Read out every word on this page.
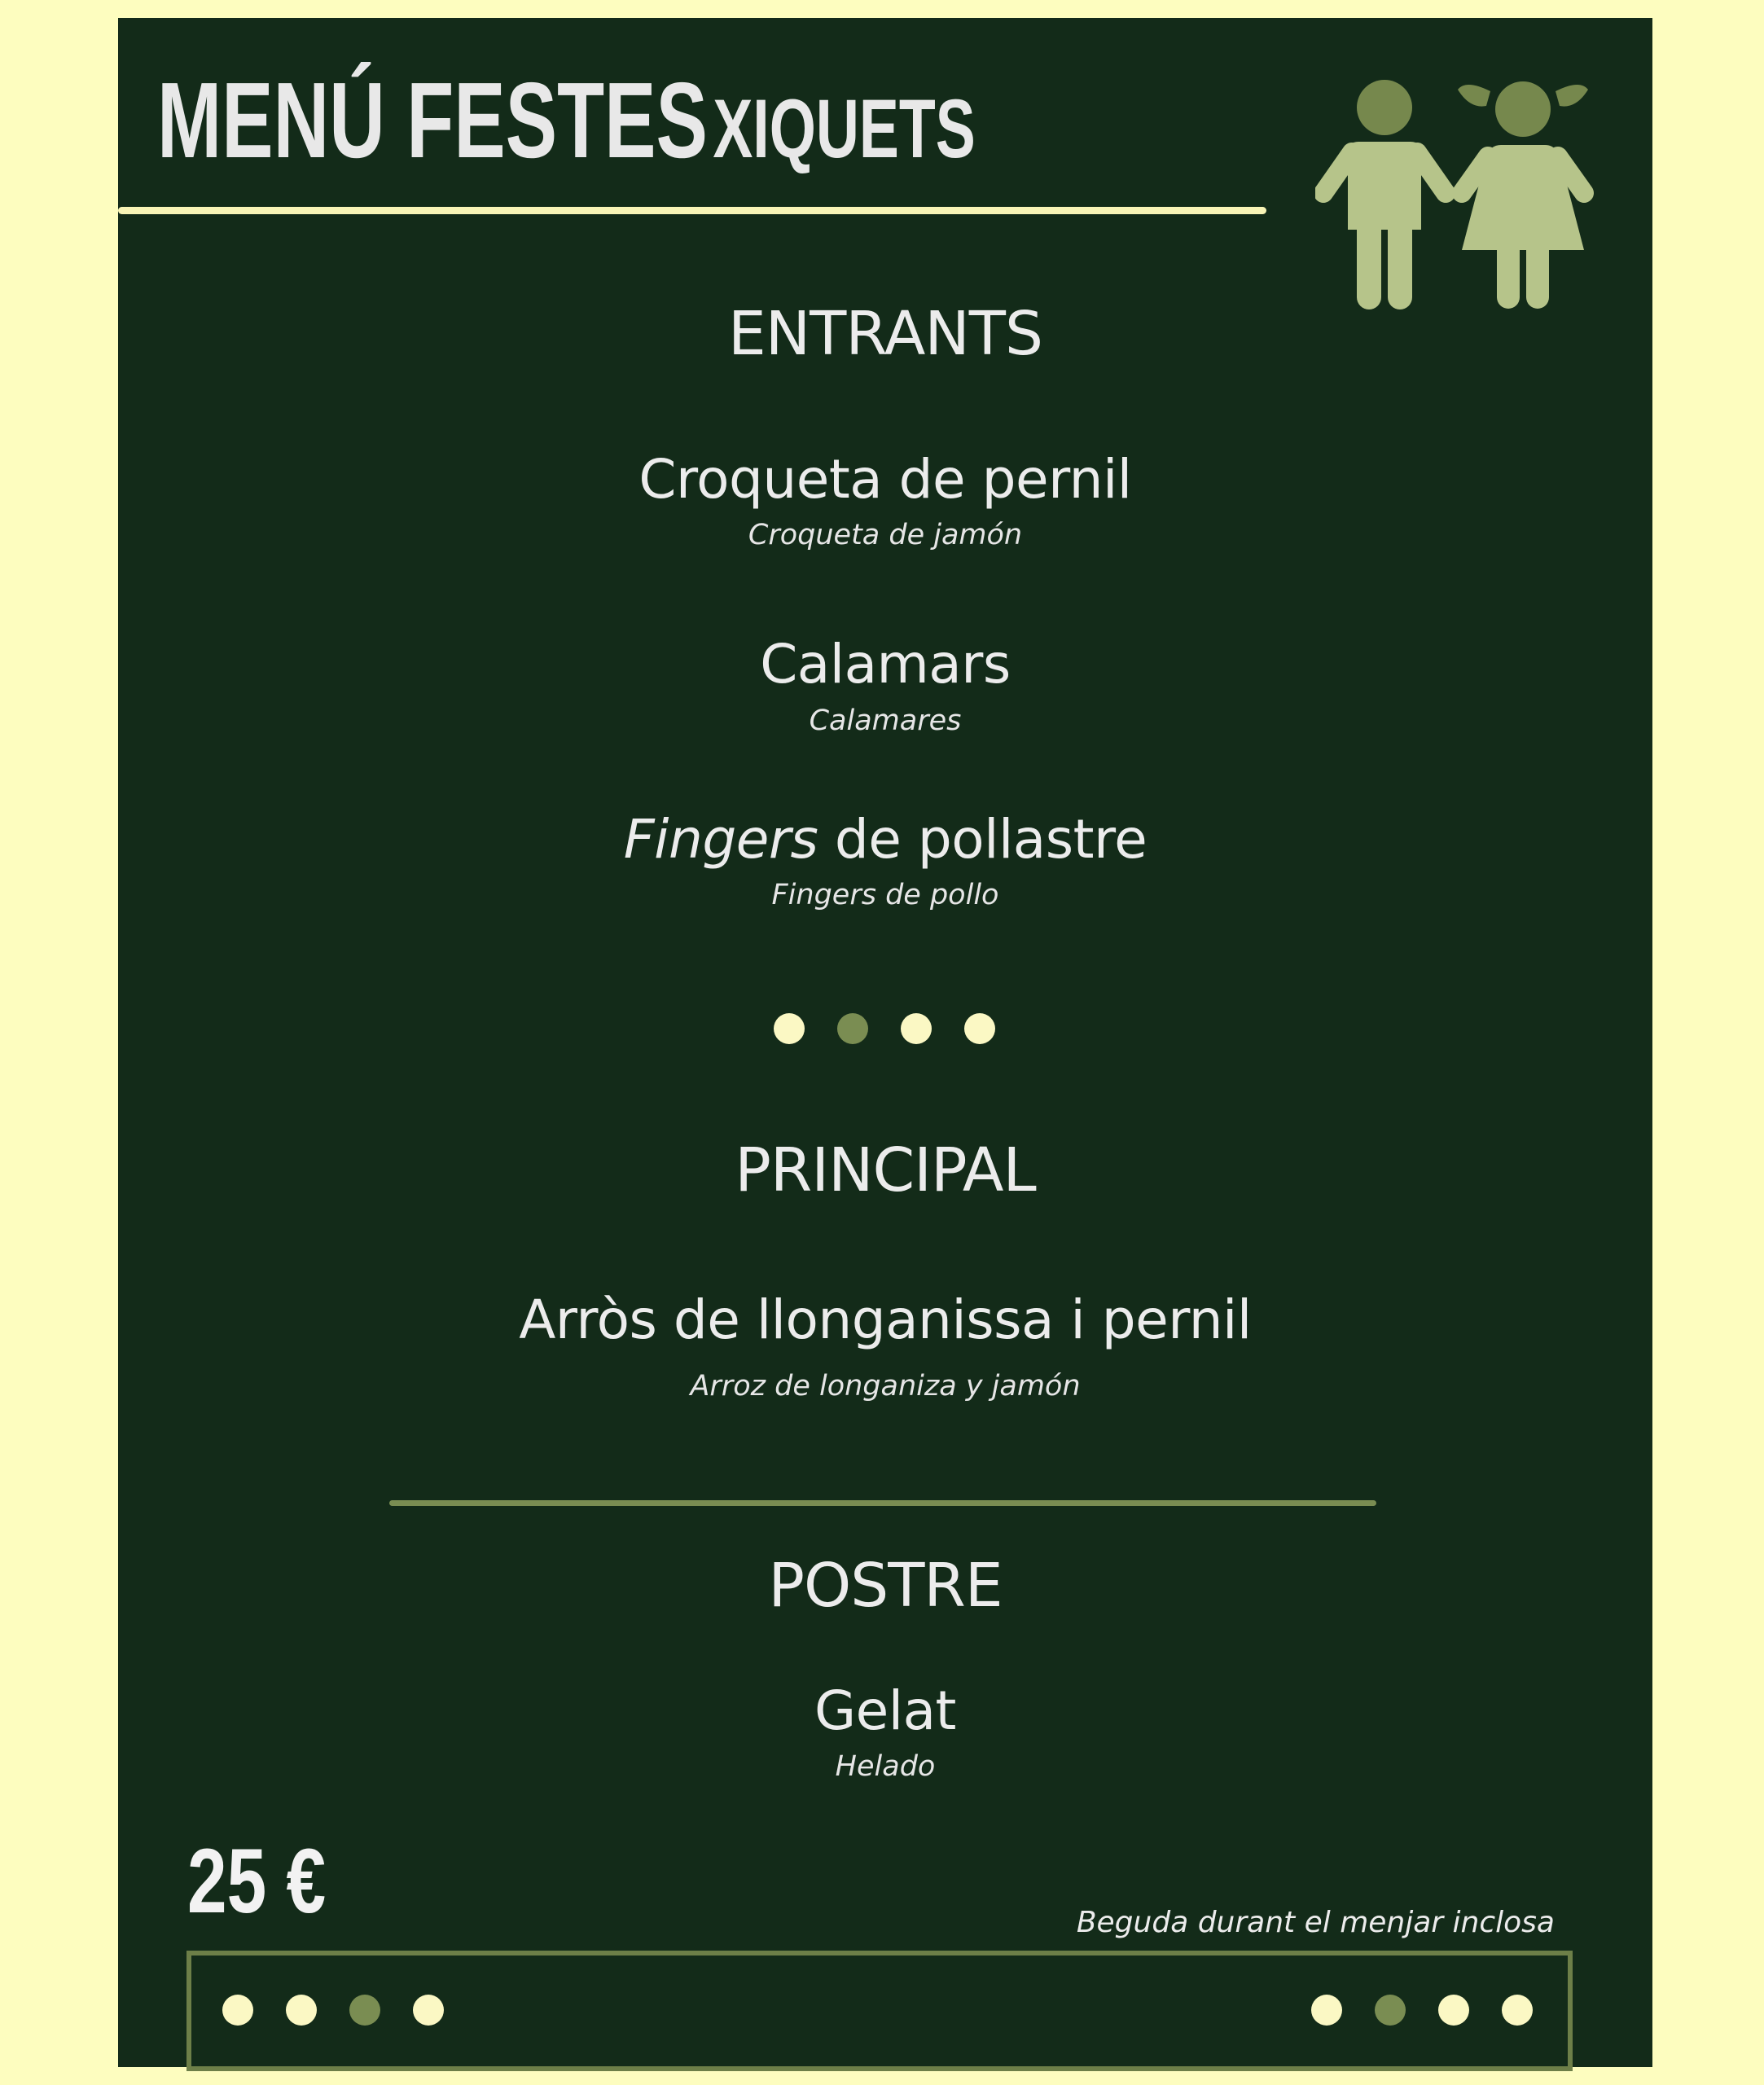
MENÚ FESTES XIQUETS
ENTRANTS
Croqueta de pernil
Croqueta de jamón
Calamars
Calamares
Fingers de pollastre
Fingers de pollo
PRINCIPAL
Arròs de llonganissa i pernil
Arroz de longaniza y jamón
POSTRE
Gelat
Helado
25 €	Beguda durant el menjar inclosa
